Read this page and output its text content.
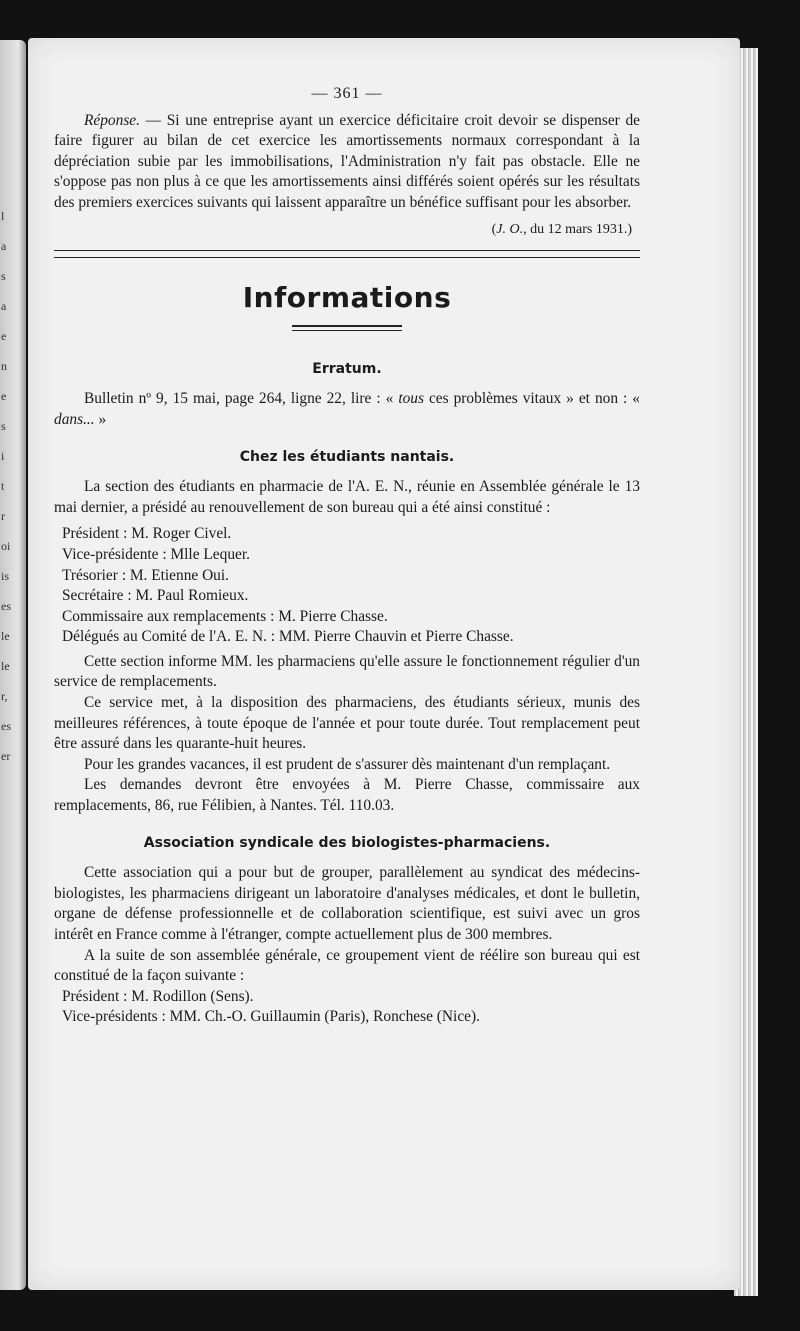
l
a
s
a
e
n
e
s
i
t
r
oi
is
es
le
le
r,
es
er
— 361 —

Réponse. — Si une entreprise ayant un exercice déficitaire croit devoir se dispenser de faire figurer au bilan de cet exercice les amortissements normaux correspondant à la dépréciation subie par les immobilisations, l'Administration n'y fait pas obstacle. Elle ne s'oppose pas non plus à ce que les amortissements ainsi différés soient opérés sur les résultats des premiers exercices suivants qui laissent apparaître un bénéfice suffisant pour les absorber.

(J. O., du 12 mars 1931.)
Informations
Erratum.

Bulletin nº 9, 15 mai, page 264, ligne 22, lire : « tous ces problèmes vitaux » et non : « dans... »

Chez les étudiants nantais.

La section des étudiants en pharmacie de l'A. E. N., réunie en Assemblée générale le 13 mai dernier, a présidé au renouvellement de son bureau qui a été ainsi constitué :

Président : M. Roger Civel.
Vice-présidente : Mlle Lequer.
Trésorier : M. Etienne Oui.
Secrétaire : M. Paul Romieux.
Commissaire aux remplacements : M. Pierre Chasse.
Délégués au Comité de l'A. E. N. : MM. Pierre Chauvin et Pierre Chasse.

Cette section informe MM. les pharmaciens qu'elle assure le fonctionnement régulier d'un service de remplacements.

Ce service met, à la disposition des pharmaciens, des étudiants sérieux, munis des meilleures références, à toute époque de l'année et pour toute durée. Tout remplacement peut être assuré dans les quarante-huit heures.

Pour les grandes vacances, il est prudent de s'assurer dès maintenant d'un remplaçant.

Les demandes devront être envoyées à M. Pierre Chasse, commissaire aux remplacements, 86, rue Félibien, à Nantes. Tél. 110.03.

Association syndicale des biologistes-pharmaciens.

Cette association qui a pour but de grouper, parallèlement au syndicat des médecins-biologistes, les pharmaciens dirigeant un laboratoire d'analyses médicales, et dont le bulletin, organe de défense professionnelle et de collaboration scientifique, est suivi avec un gros intérêt en France comme à l'étranger, compte actuellement plus de 300 membres.

A la suite de son assemblée générale, ce groupement vient de réélire son bureau qui est constitué de la façon suivante :

Président : M. Rodillon (Sens).
Vice-présidents : MM. Ch.-O. Guillaumin (Paris), Ronchese (Nice).
